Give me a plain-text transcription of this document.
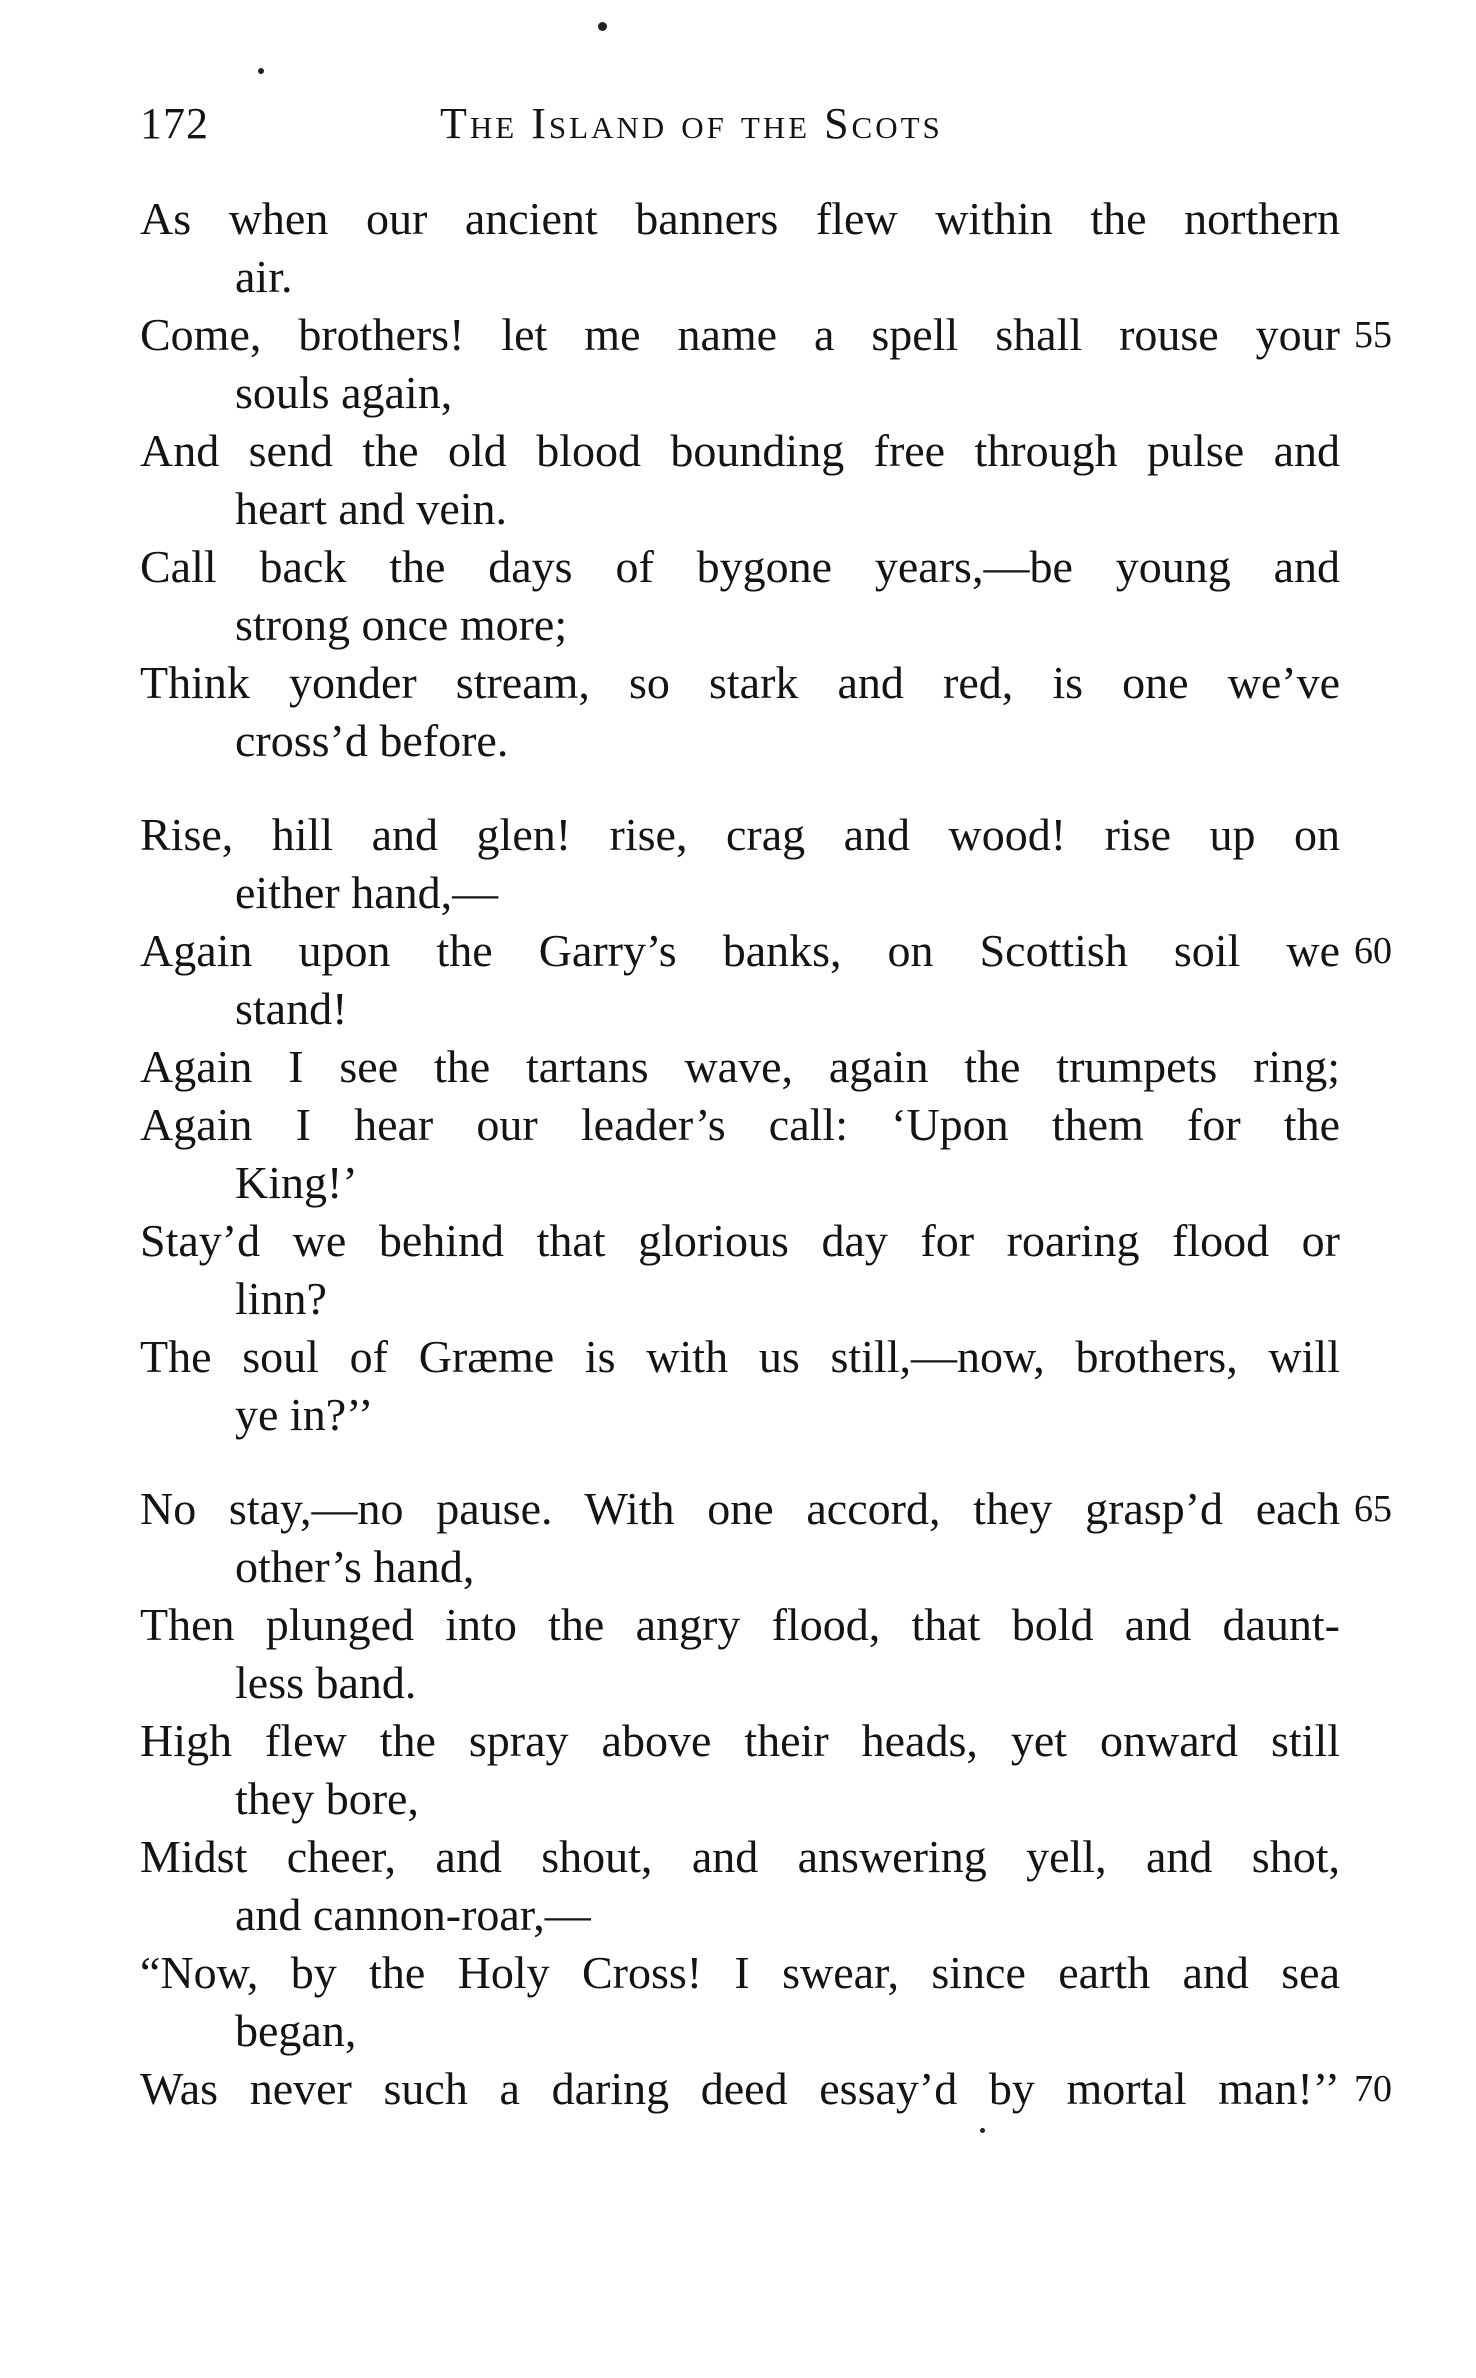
172	The Island of the Scots
As when our ancient banners flew within the northern
air.
Come, brothers! let me name a spell shall rouse your
souls again,
55
And send the old blood bounding free through pulse and
heart and vein.
Call back the days of bygone years,—be young and
strong once more;
Think yonder stream, so stark and red, is one we’ve
cross’d before.
Rise, hill and glen! rise, crag and wood! rise up on
either hand,—
Again upon the Garry’s banks, on Scottish soil we
stand!
60
Again I see the tartans wave, again the trumpets ring;
Again I hear our leader’s call: ‘Upon them for the
King!’
Stay’d we behind that glorious day for roaring flood or
linn?
The soul of Græme is with us still,—now, brothers, will
ye in?’’
No stay,—no pause. With one accord, they grasp’d each
other’s hand,
65
Then plunged into the angry flood, that bold and daunt-
less band.
High flew the spray above their heads, yet onward still
they bore,
Midst cheer, and shout, and answering yell, and shot,
and cannon-roar,—
“Now, by the Holy Cross! I swear, since earth and sea
began,
Was never such a daring deed essay’d by mortal man!’’ 70
